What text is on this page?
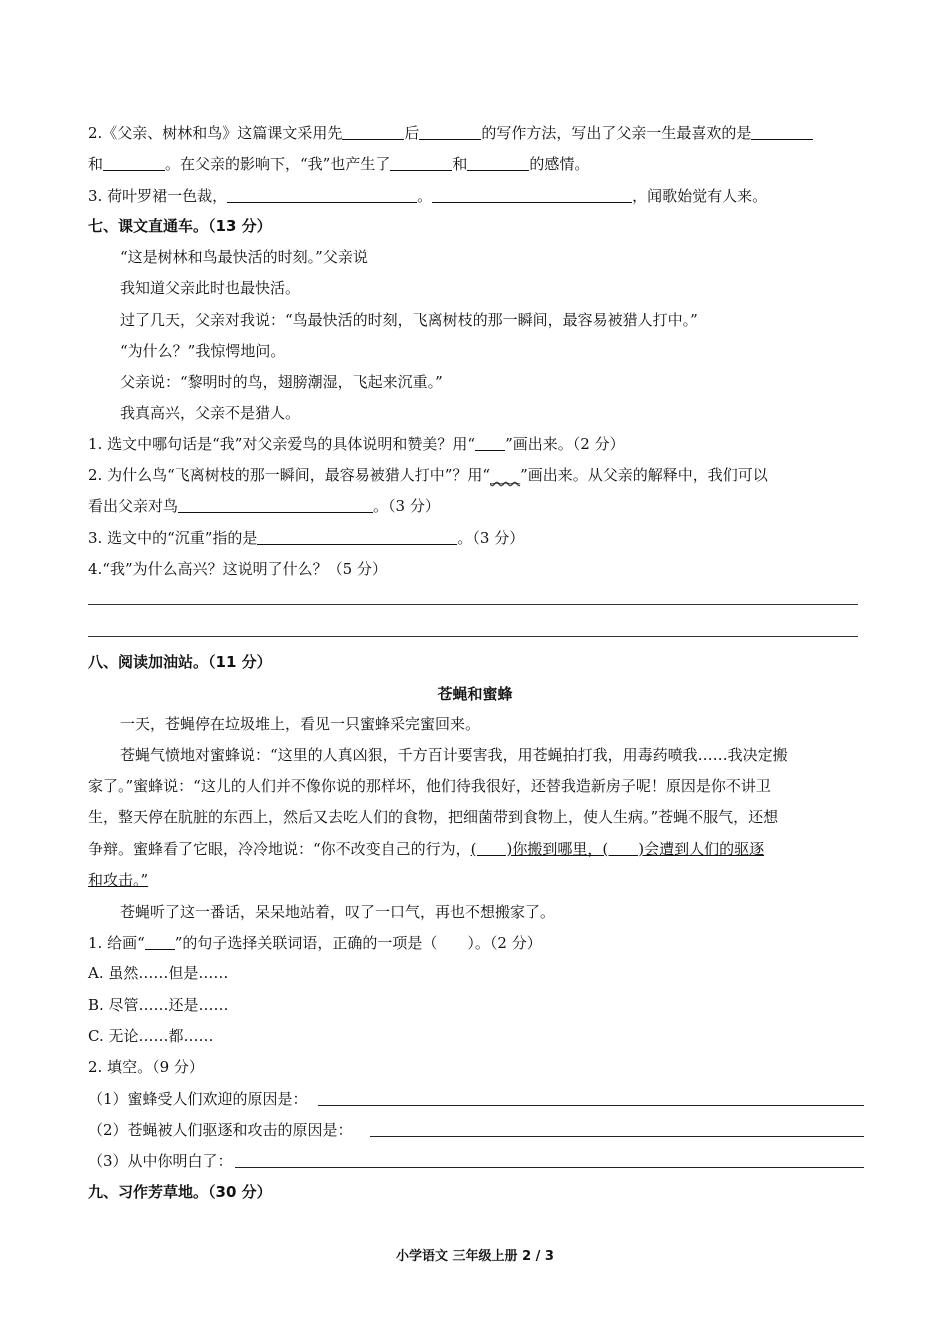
2.《父亲、树林和鸟》这篇课文采用先	后	的写作方法，写出了父亲一生最喜欢的是
和	。在父亲的影响下，“我”也产生了	和	的感情。
3. 荷叶罗裙一色裁，	。	，闻歌始觉有人来。
七、课文直通车。（13 分）
“这是树林和鸟最快活的时刻。”父亲说
我知道父亲此时也最快活。
过了几天，父亲对我说：“鸟最快活的时刻，飞离树枝的那一瞬间，最容易被猎人打中。”
“为什么？”我惊愕地问。
父亲说：“黎明时的鸟，翅膀潮湿，飞起来沉重。”
我真高兴，父亲不是猎人。
1. 选文中哪句话是“我”对父亲爱鸟的具体说明和赞美？用“ ”画出来。（2 分）
2. 为什么鸟“飞离树枝的那一瞬间，最容易被猎人打中”？用“____”画出来。从父亲的解释中，我们可以
看出父亲对鸟	。（3 分）
3. 选文中的“沉重”指的是	。（3 分）
4.“我”为什么高兴？这说明了什么？（5 分）
八、阅读加油站。（11 分）
苍蝇和蜜蜂
一天，苍蝇停在垃圾堆上，看见一只蜜蜂采完蜜回来。
苍蝇气愤地对蜜蜂说：“这里的人真凶狠，千方百计要害我，用苍蝇拍打我，用毒药喷我……我决定搬
家了。”蜜蜂说：“这儿的人们并不像你说的那样坏，他们待我很好，还替我造新房子呢！原因是你不讲卫
生，整天停在肮脏的东西上，然后又去吃人们的食物，把细菌带到食物上，使人生病。”苍蝇不服气，还想
争辩。蜜蜂看了它眼，冷冷地说：“你不改变自己的行为，(　　)你搬到哪里，(　　)会遭到人们的驱逐
和攻击。”
苍蝇听了这一番话，呆呆地站着，叹了一口气，再也不想搬家了。
1. 给画“ ”的句子选择关联词语，正确的一项是（　　）。（2 分）
A. 虽然……但是……
B. 尽管……还是……
C. 无论……都……
2. 填空。（9 分）
（1）蜜蜂受人们欢迎的原因是：
（2）苍蝇被人们驱逐和攻击的原因是：
（3）从中你明白了：
九、习作芳草地。（30 分）
小学语文 三年级上册 2 / 3
